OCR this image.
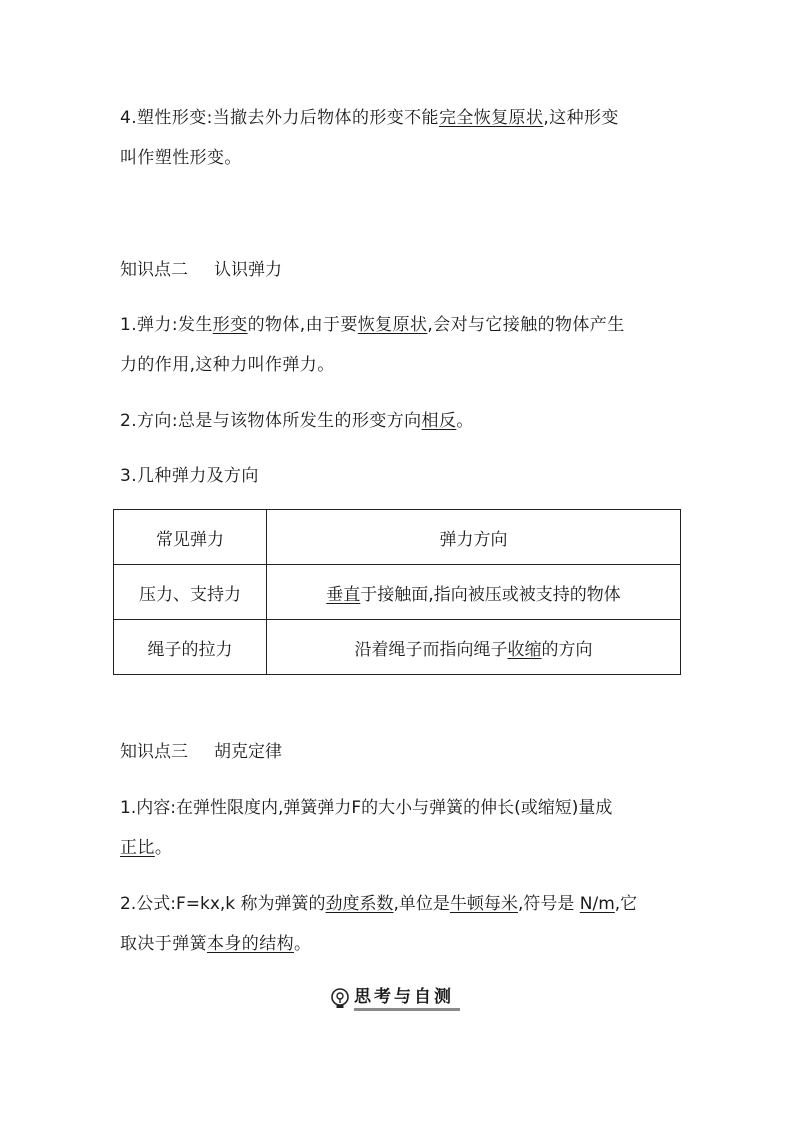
4.塑性形变:当撤去外力后物体的形变不能完全恢复原状,这种形变
叫作塑性形变。
知识点二 认识弹力
1.弹力:发生形变的物体,由于要恢复原状,会对与它接触的物体产生
力的作用,这种力叫作弹力。
2.方向:总是与该物体所发生的形变方向相反。
3.几种弹力及方向
常见弹力	弹力方向
压力、支持力	垂直于接触面,指向被压或被支持的物体
绳子的拉力	沿着绳子而指向绳子收缩的方向
知识点三 胡克定律
1.内容:在弹性限度内,弹簧弹力F的大小与弹簧的伸长(或缩短)量成
正比。
2.公式:F=kx,k 称为弹簧的劲度系数,单位是牛顿每米,符号是 N/m,它
取决于弹簧本身的结构。
思考与自测
